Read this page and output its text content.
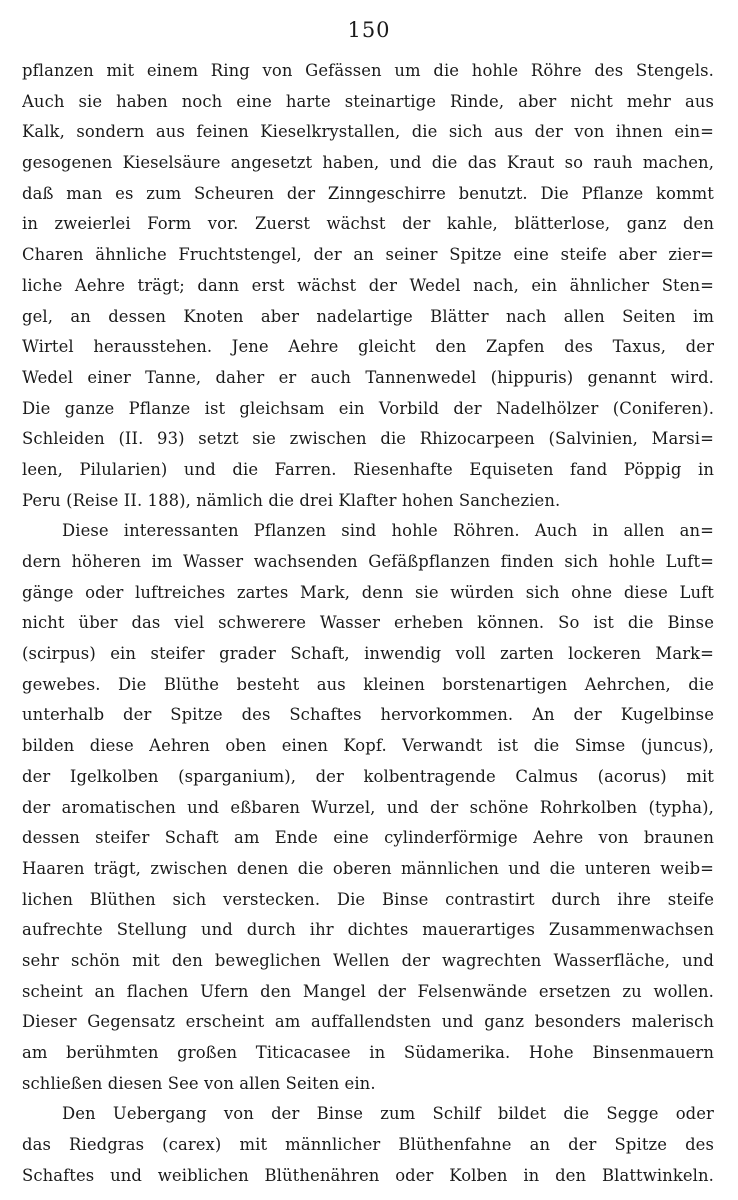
150
pflanzen mit einem Ring von Gefässen um die hohle Röhre des Stengels.
Auch sie haben noch eine harte steinartige Rinde, aber nicht mehr aus
Kalk, sondern aus feinen Kieselkrystallen, die sich aus der von ihnen ein=
gesogenen Kieselsäure angesetzt haben, und die das Kraut so rauh machen,
daß man es zum Scheuren der Zinngeschirre benutzt. Die Pflanze kommt
in zweierlei Form vor. Zuerst wächst der kahle, blätterlose, ganz den
Charen ähnliche Fruchtstengel, der an seiner Spitze eine steife aber zier=
liche Aehre trägt; dann erst wächst der Wedel nach, ein ähnlicher Sten=
gel, an dessen Knoten aber nadelartige Blätter nach allen Seiten im
Wirtel herausstehen. Jene Aehre gleicht den Zapfen des Taxus, der
Wedel einer Tanne, daher er auch Tannenwedel (hippuris) genannt wird.
Die ganze Pflanze ist gleichsam ein Vorbild der Nadelhölzer (Coniferen).
Schleiden (II. 93) setzt sie zwischen die Rhizocarpeen (Salvinien, Marsi=
leen, Pilularien) und die Farren. Riesenhafte Equiseten fand Pöppig in
Peru (Reise II. 188), nämlich die drei Klafter hohen Sanchezien.
Diese interessanten Pflanzen sind hohle Röhren. Auch in allen an=
dern höheren im Wasser wachsenden Gefäßpflanzen finden sich hohle Luft=
gänge oder luftreiches zartes Mark, denn sie würden sich ohne diese Luft
nicht über das viel schwerere Wasser erheben können. So ist die Binse
(scirpus) ein steifer grader Schaft, inwendig voll zarten lockeren Mark=
gewebes. Die Blüthe besteht aus kleinen borstenartigen Aehrchen, die
unterhalb der Spitze des Schaftes hervorkommen. An der Kugelbinse
bilden diese Aehren oben einen Kopf. Verwandt ist die Simse (juncus),
der Igelkolben (sparganium), der kolbentragende Calmus (acorus) mit
der aromatischen und eßbaren Wurzel, und der schöne Rohrkolben (typha),
dessen steifer Schaft am Ende eine cylinderförmige Aehre von braunen
Haaren trägt, zwischen denen die oberen männlichen und die unteren weib=
lichen Blüthen sich verstecken. Die Binse contrastirt durch ihre steife
aufrechte Stellung und durch ihr dichtes mauerartiges Zusammenwachsen
sehr schön mit den beweglichen Wellen der wagrechten Wasserfläche, und
scheint an flachen Ufern den Mangel der Felsenwände ersetzen zu wollen.
Dieser Gegensatz erscheint am auffallendsten und ganz besonders malerisch
am berühmten großen Titicacasee in Südamerika. Hohe Binsenmauern
schließen diesen See von allen Seiten ein.
Den Uebergang von der Binse zum Schilf bildet die Segge oder
das Riedgras (carex) mit männlicher Blüthenfahne an der Spitze des
Schaftes und weiblichen Blüthenähren oder Kolben in den Blattwinkeln.
